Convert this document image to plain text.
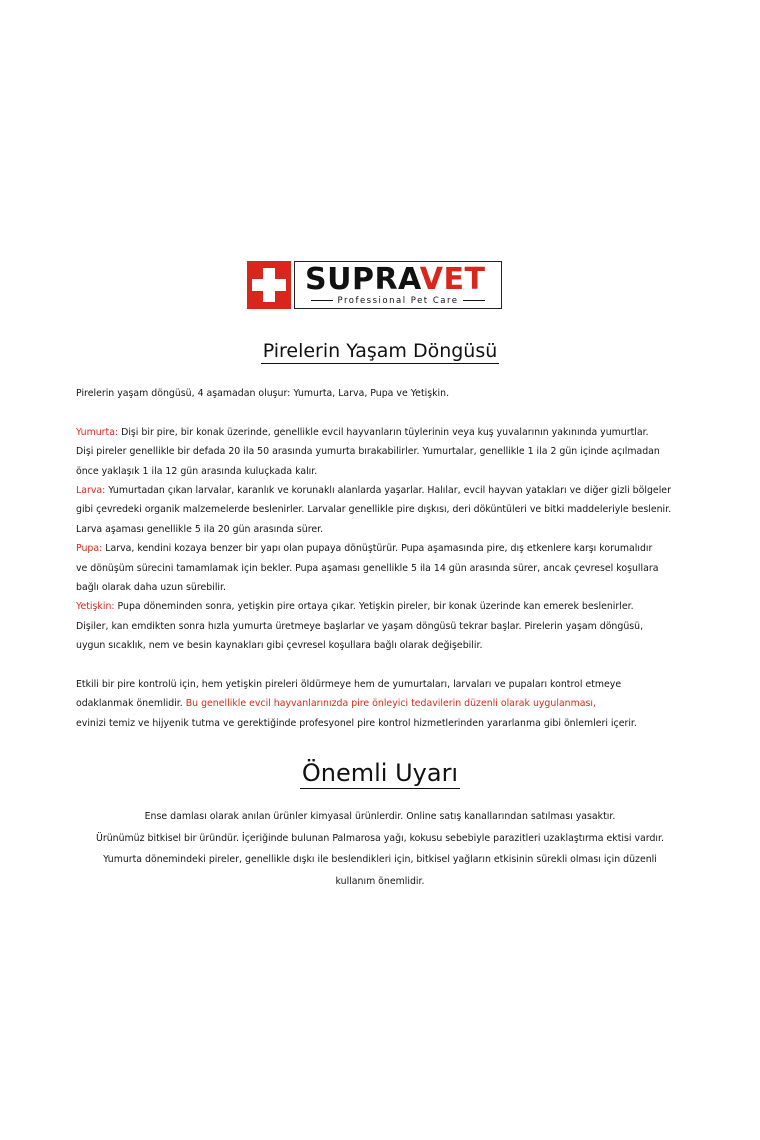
SUPRAVET
Professional Pet Care
Pirelerin Yaşam Döngüsü

Pirelerin yaşam döngüsü, 4 aşamadan oluşur: Yumurta, Larva, Pupa ve Yetişkin.

Yumurta: Dişi bir pire, bir konak üzerinde, genellikle evcil hayvanların tüylerinin veya kuş yuvalarının yakınında yumurtlar.

Dişi pireler genellikle bir defada 20 ila 50 arasında yumurta bırakabilirler. Yumurtalar, genellikle 1 ila 2 gün içinde açılmadan

önce yaklaşık 1 ila 12 gün arasında kuluçkada kalır.

Larva: Yumurtadan çıkan larvalar, karanlık ve korunaklı alanlarda yaşarlar. Halılar, evcil hayvan yatakları ve diğer gizli bölgeler

gibi çevredeki organik malzemelerde beslenirler. Larvalar genellikle pire dışkısı, deri döküntüleri ve bitki maddeleriyle beslenir.

Larva aşaması genellikle 5 ila 20 gün arasında sürer.

Pupa: Larva, kendini kozaya benzer bir yapı olan pupaya dönüştürür. Pupa aşamasında pire, dış etkenlere karşı korumalıdır

ve dönüşüm sürecini tamamlamak için bekler. Pupa aşaması genellikle 5 ila 14 gün arasında sürer, ancak çevresel koşullara

bağlı olarak daha uzun sürebilir.

Yetişkin: Pupa döneminden sonra, yetişkin pire ortaya çıkar. Yetişkin pireler, bir konak üzerinde kan emerek beslenirler.

Dişiler, kan emdikten sonra hızla yumurta üretmeye başlarlar ve yaşam döngüsü tekrar başlar. Pirelerin yaşam döngüsü,

uygun sıcaklık, nem ve besin kaynakları gibi çevresel koşullara bağlı olarak değişebilir.

Etkili bir pire kontrolü için, hem yetişkin pireleri öldürmeye hem de yumurtaları, larvaları ve pupaları kontrol etmeye

odaklanmak önemlidir. Bu genellikle evcil hayvanlarınızda pire önleyici tedavilerin düzenli olarak uygulanması,

evinizi temiz ve hijyenik tutma ve gerektiğinde profesyonel pire kontrol hizmetlerinden yararlanma gibi önlemleri içerir.

Önemli Uyarı

Ense damlası olarak anılan ürünler kimyasal ürünlerdir. Online satış kanallarından satılması yasaktır.

Ürünümüz bitkisel bir üründür. İçeriğinde bulunan Palmarosa yağı, kokusu sebebiyle parazitleri uzaklaştırma ektisi vardır.

Yumurta dönemindeki pireler, genellikle dışkı ile beslendikleri için, bitkisel yağların etkisinin sürekli olması için düzenli

kullanım önemlidir.
